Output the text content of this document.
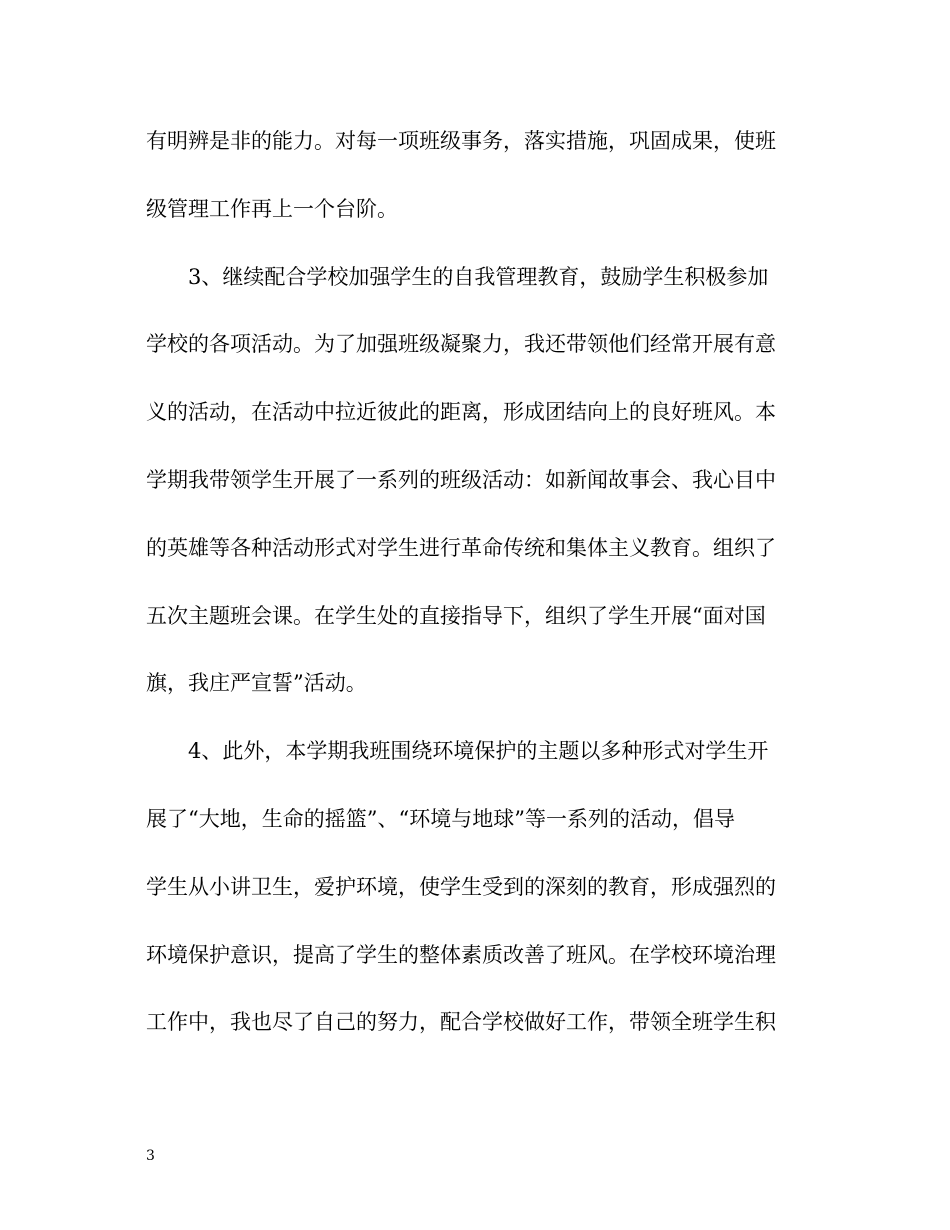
有明辨是非的能力。对每一项班级事务，落实措施，巩固成果，使班
级管理工作再上一个台阶。
3、继续配合学校加强学生的自我管理教育，鼓励学生积极参加
学校的各项活动。为了加强班级凝聚力，我还带领他们经常开展有意
义的活动，在活动中拉近彼此的距离，形成团结向上的良好班风。本
学期我带领学生开展了一系列的班级活动：如新闻故事会、我心目中
的英雄等各种活动形式对学生进行革命传统和集体主义教育。组织了
五次主题班会课。在学生处的直接指导下，组织了学生开展“面对国
旗，我庄严宣誓”活动。
4、此外，本学期我班围绕环境保护的主题以多种形式对学生开
展了“大地，生命的摇篮”、“环境与地球”等一系列的活动，倡导
学生从小讲卫生，爱护环境，使学生受到的深刻的教育，形成强烈的
环境保护意识，提高了学生的整体素质改善了班风。在学校环境治理
工作中，我也尽了自己的努力，配合学校做好工作，带领全班学生积
3
